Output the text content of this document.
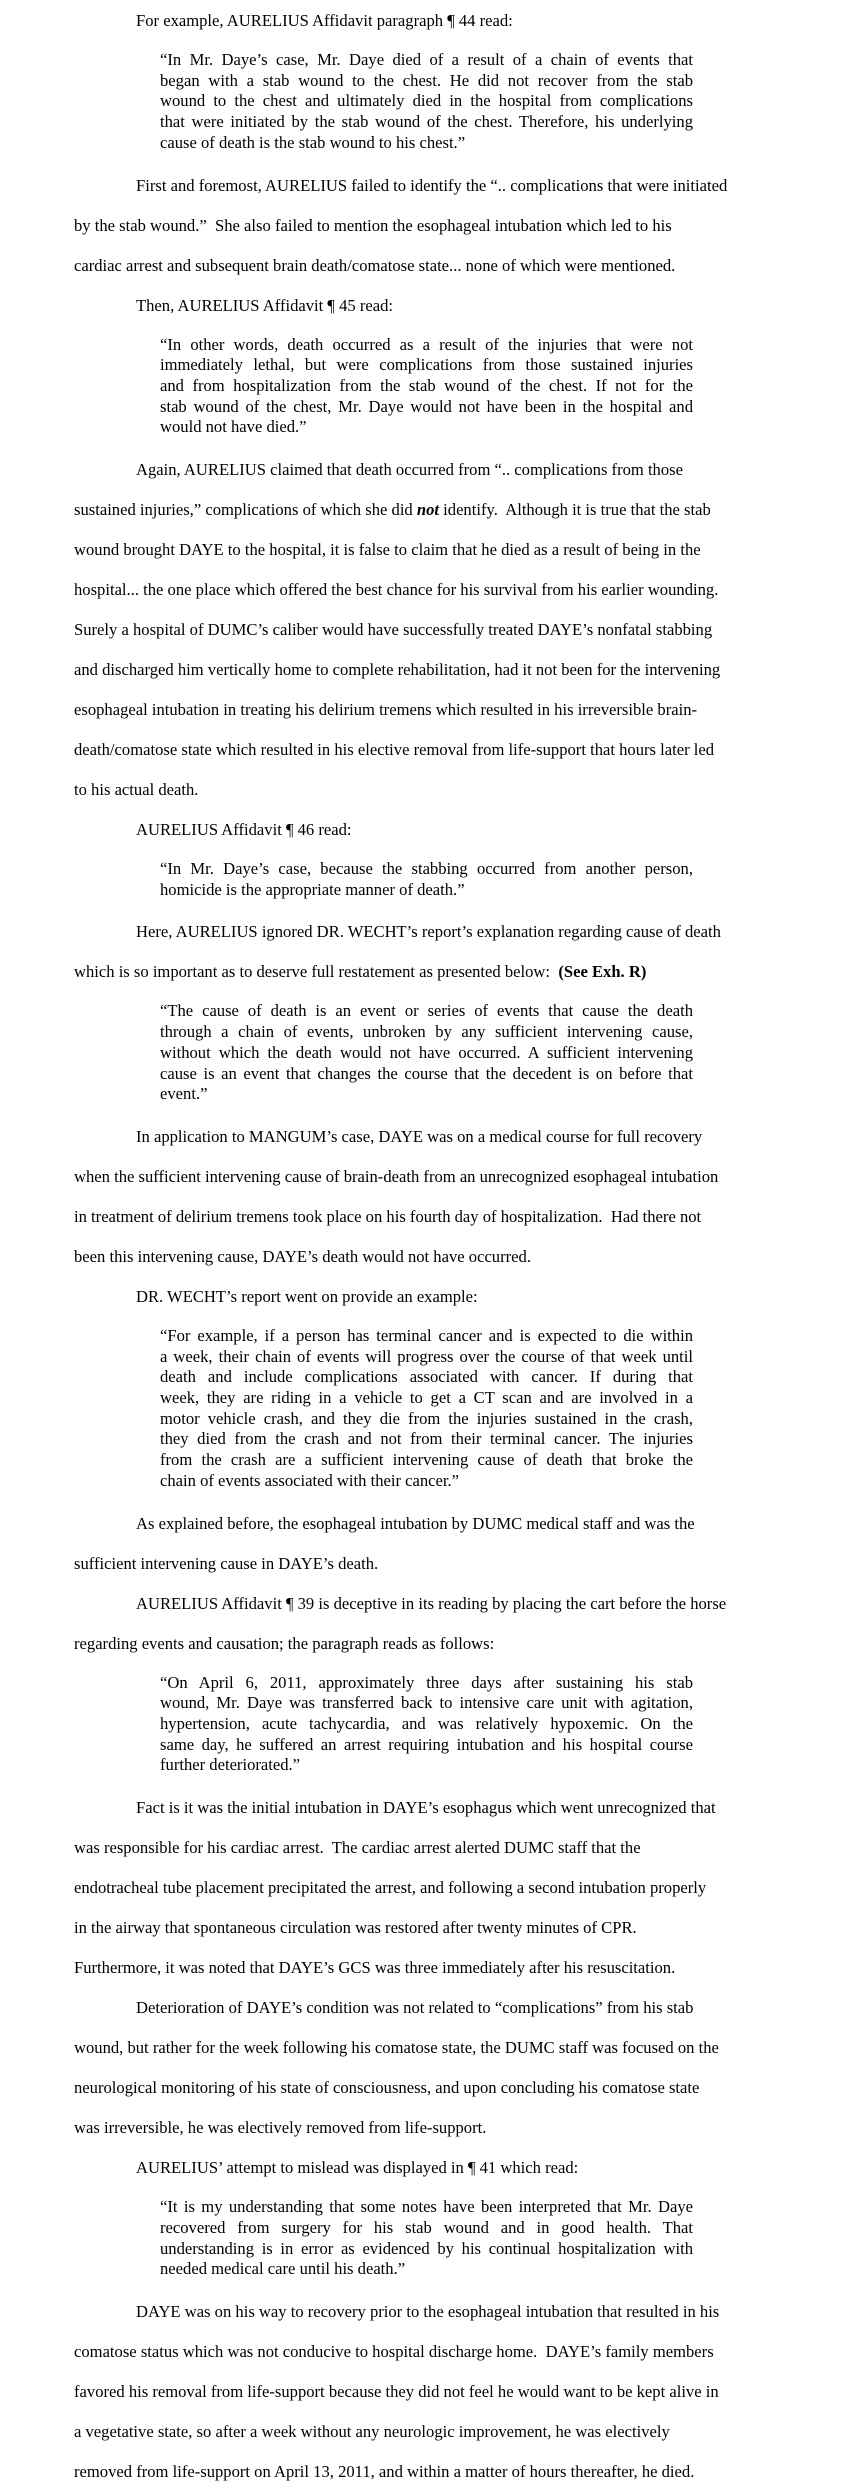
For example, AURELIUS Affidavit paragraph ¶ 44 read:
“In Mr. Daye’s case, Mr. Daye died of a result of a chain of events that
began with a stab wound to the chest. He did not recover from the stab
wound to the chest and ultimately died in the hospital from complications
that were initiated by the stab wound of the chest. Therefore, his underlying
cause of death is the stab wound to his chest.”
First and foremost, AURELIUS failed to identify the “.. complications that were initiated
by the stab wound.”  She also failed to mention the esophageal intubation which led to his
cardiac arrest and subsequent brain death/comatose state... none of which were mentioned.
Then, AURELIUS Affidavit ¶ 45 read:
“In other words, death occurred as a result of the injuries that were not
immediately lethal, but were complications from those sustained injuries
and from hospitalization from the stab wound of the chest. If not for the
stab wound of the chest, Mr. Daye would not have been in the hospital and
would not have died.”
Again, AURELIUS claimed that death occurred from “.. complications from those
sustained injuries,” complications of which she did not identify.  Although it is true that the stab
wound brought DAYE to the hospital, it is false to claim that he died as a result of being in the
hospital... the one place which offered the best chance for his survival from his earlier wounding.
Surely a hospital of DUMC’s caliber would have successfully treated DAYE’s nonfatal stabbing
and discharged him vertically home to complete rehabilitation, had it not been for the intervening
esophageal intubation in treating his delirium tremens which resulted in his irreversible brain-
death/comatose state which resulted in his elective removal from life-support that hours later led
to his actual death.
AURELIUS Affidavit ¶ 46 read:
“In Mr. Daye’s case, because the stabbing occurred from another person,
homicide is the appropriate manner of death.”
Here, AURELIUS ignored DR. WECHT’s report’s explanation regarding cause of death
which is so important as to deserve full restatement as presented below:  (See Exh. R)
“The cause of death is an event or series of events that cause the death
through a chain of events, unbroken by any sufficient intervening cause,
without which the death would not have occurred. A sufficient intervening
cause is an event that changes the course that the decedent is on before that
event.”
In application to MANGUM’s case, DAYE was on a medical course for full recovery
when the sufficient intervening cause of brain-death from an unrecognized esophageal intubation
in treatment of delirium tremens took place on his fourth day of hospitalization.  Had there not
been this intervening cause, DAYE’s death would not have occurred.
DR. WECHT’s report went on provide an example:
“For example, if a person has terminal cancer and is expected to die within
a week, their chain of events will progress over the course of that week until
death and include complications associated with cancer. If during that
week, they are riding in a vehicle to get a CT scan and are involved in a
motor vehicle crash, and they die from the injuries sustained in the crash,
they died from the crash and not from their terminal cancer. The injuries
from the crash are a sufficient intervening cause of death that broke the
chain of events associated with their cancer.”
As explained before, the esophageal intubation by DUMC medical staff and was the
sufficient intervening cause in DAYE’s death.
AURELIUS Affidavit ¶ 39 is deceptive in its reading by placing the cart before the horse
regarding events and causation; the paragraph reads as follows:
“On April 6, 2011, approximately three days after sustaining his stab
wound, Mr. Daye was transferred back to intensive care unit with agitation,
hypertension, acute tachycardia, and was relatively hypoxemic. On the
same day, he suffered an arrest requiring intubation and his hospital course
further deteriorated.”
Fact is it was the initial intubation in DAYE’s esophagus which went unrecognized that
was responsible for his cardiac arrest.  The cardiac arrest alerted DUMC staff that the
endotracheal tube placement precipitated the arrest, and following a second intubation properly
in the airway that spontaneous circulation was restored after twenty minutes of CPR.
Furthermore, it was noted that DAYE’s GCS was three immediately after his resuscitation.
Deterioration of DAYE’s condition was not related to “complications” from his stab
wound, but rather for the week following his comatose state, the DUMC staff was focused on the
neurological monitoring of his state of consciousness, and upon concluding his comatose state
was irreversible, he was electively removed from life-support.
AURELIUS’ attempt to mislead was displayed in ¶ 41 which read:
“It is my understanding that some notes have been interpreted that Mr. Daye
recovered from surgery for his stab wound and in good health. That
understanding is in error as evidenced by his continual hospitalization with
needed medical care until his death.”
DAYE was on his way to recovery prior to the esophageal intubation that resulted in his
comatose status which was not conducive to hospital discharge home.  DAYE’s family members
favored his removal from life-support because they did not feel he would want to be kept alive in
a vegetative state, so after a week without any neurologic improvement, he was electively
removed from life-support on April 13, 2011, and within a matter of hours thereafter, he died.
